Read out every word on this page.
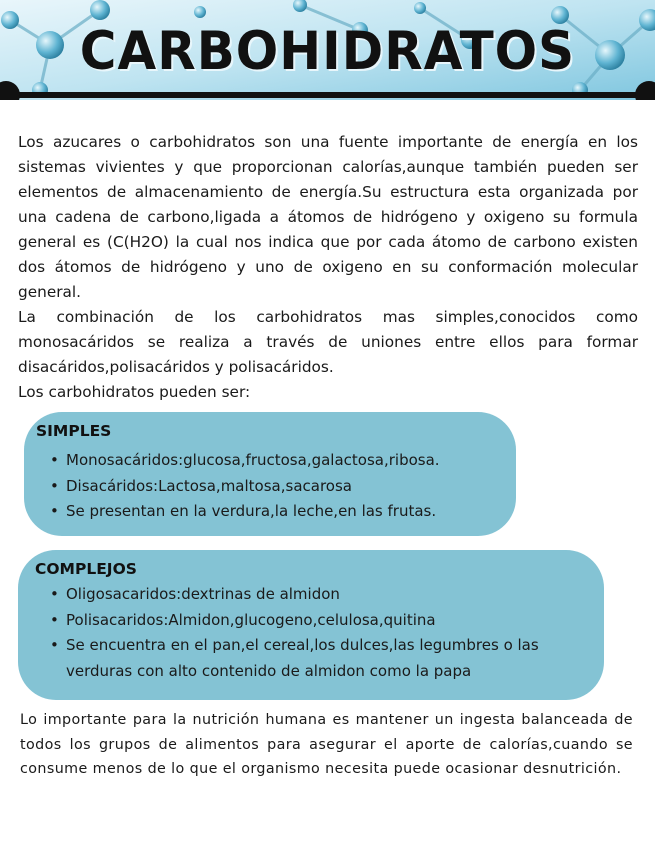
CARBOHIDRATOS

Los azucares o carbohidratos son una fuente importante de energía en los sistemas vivientes y que proporcionan calorías,aunque también pueden ser elementos de almacenamiento de energía.Su estructura esta organizada por una cadena de carbono,ligada a átomos de hidrógeno y oxigeno su formula general es (C(H2O) la cual nos indica que por cada átomo de carbono existen dos átomos de hidrógeno y uno de oxigeno en su conformación molecular general.

La combinación de los carbohidratos mas simples,conocidos como monosacáridos se realiza a través de uniones entre ellos para formar disacáridos,polisacáridos y polisacáridos.

Los carbohidratos pueden ser:

SIMPLES
• Monosacáridos:glucosa,fructosa,galactosa,ribosa.
• Disacáridos:Lactosa,maltosa,sacarosa
• Se presentan en la verdura,la leche,en las frutas.
COMPLEJOS
• Oligosacaridos:dextrinas de almidon
• Polisacaridos:Almidon,glucogeno,celulosa,quitina
• Se encuentra en el pan,el cereal,los dulces,las legumbres o las verduras con alto contenido de almidon como la papa
Lo importante para la nutrición humana es mantener un ingesta balanceada de todos los grupos de alimentos para asegurar el aporte de calorías,cuando se consume menos de lo que el organismo necesita puede ocasionar desnutrición.
